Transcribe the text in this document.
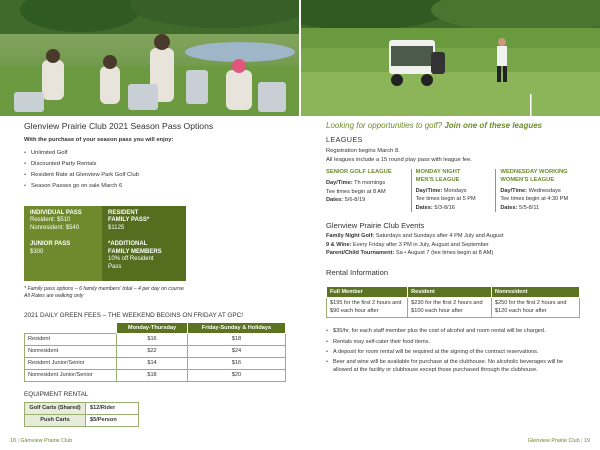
Glenview Prairie Club 2021 Season Pass Options

With the purchase of your season pass you will enjoy:

• Unlimited Golf
• Discounted Party Rentals
• Resident Rate at Glenview Park Golf Club
• Season Passes go on sale March 6
INDIVIDUAL PASS
Resident: $510
Nonresident: $540
JUNIOR PASS
$300
RESIDENT
FAMILY PASS*
$1125
*ADDITIONAL
FAMILY MEMBERS
10% off Resident
Pass
* Family pass options – 6 family members' total – 4 per day on course
All Rates are walking only
2021 DAILY GREEN FEES – THE WEEKEND BEGINS ON FRIDAY AT GPC!
	Monday-Thursday	Friday-Sunday & Holidays
Resident	$16	$18
Nonresident	$22	$24
Resident Junior/Senior	$14	$16
Nonresident Junior/Senior	$18	$20
EQUIPMENT RENTAL
Golf Carts (Shared)	$12/Rider
Push Carts	$5/Person
Looking for opportunities to golf? Join one of these leagues
LEAGUES

Registration begins March 8.

All leagues include a 15 round play pass with league fee.

SENIOR GOLF LEAGUE
Day/Time: Th mornings
Tee times begin at 8 AM
Dates: 5/6-8/19
MONDAY NIGHT
MEN'S LEAGUE
Day/Time: Mondays
Tee times begin at 5 PM
Dates: 5/3-8/16
WEDNESDAY WORKING
WOMEN'S LEAGUE
Day/Time: Wednesdays
Tee times begin at 4:30 PM
Dates: 5/5-8/11
Glenview Prairie Club Events
Family Night Golf: Saturdays and Sundays after 4 PM July and August
9 & Wine: Every Friday after 3 PM in July, August and September
Parent/Child Tournament: Sa • August 7 (tee times begin at 8 AM)
Rental Information
Full Member	Resident	Nonresident
$195 for the first 2 hours and $90 each hour after	$230 for the first 2 hours and $100 each hour after	$250 for the first 2 hours and $120 each hour after
• $35/hr. for each staff member plus the cost of alcohol and room rental will be charged.
• Rentals may self-cater their food items.
• A deposit for room rental will be required at the signing of the contract reservations.
• Beer and wine will be available for purchase at the clubhouse. No alcoholic beverages will be allowed at the facility or clubhouse except those purchased through the clubhouse.
18 | Glenview Prairie Club	Glenview Prairie Club | 19
